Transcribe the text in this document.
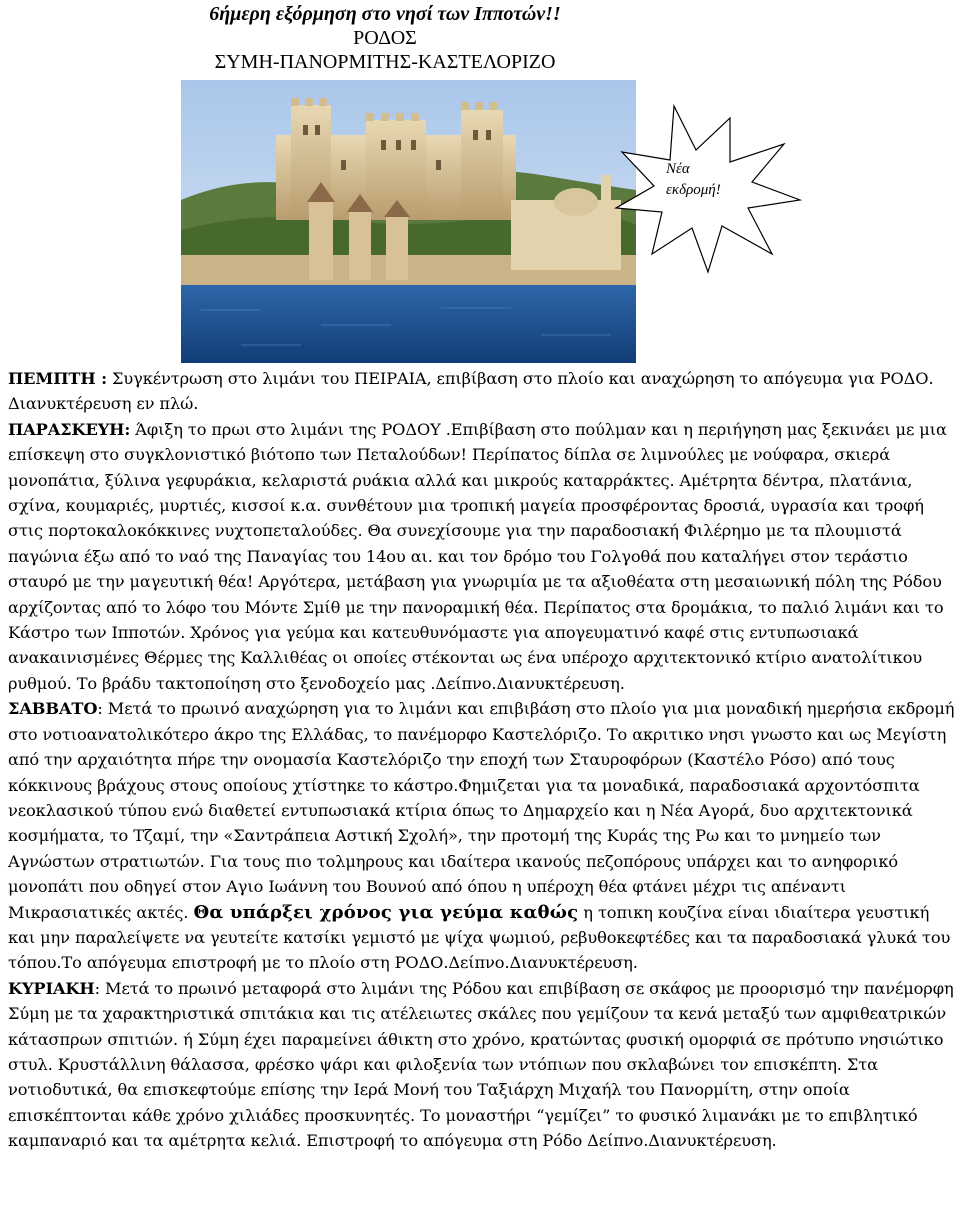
6ήμερη εξόρμηση στο νησί των Ιπποτών!!
ΡΟΔΟΣ
ΣΥΜΗ-ΠΑΝΟΡΜΙΤΗΣ-ΚΑΣΤΕΛΟΡΙΖΟ
Νέα
εκδρομή!

ΠΕΜΠΤΗ : Συγκέντρωση στο λιμάνι του ΠΕΙΡΑΙΑ, επιβίβαση στο πλοίο και αναχώρηση το απόγευμα για ΡΟΔΟ. Διανυκτέρευση εν πλώ.

ΠΑΡΑΣΚΕΥΗ: Άφιξη το πρωι στο λιμάνι της ΡΟΔΟΥ .Επιβίβαση στο πούλμαν και η περιήγηση μας ξεκινάει με μια επίσκεψη στο συγκλονιστικό βιότοπο των Πεταλούδων! Περίπατος δίπλα σε λιμνούλες με νούφαρα, σκιερά μονοπάτια, ξύλινα γεφυράκια, κελαριστά ρυάκια αλλά και μικρούς καταρράκτες. Αμέτρητα δέντρα, πλατάνια, σχίνα, κουμαριές, μυρτιές, κισσοί κ.α. συνθέτουν μια τροπική μαγεία προσφέροντας δροσιά, υγρασία και τροφή στις πορτοκαλοκόκκινες νυχτοπεταλούδες. Θα συνεχίσουμε για την παραδοσιακή Φιλέρημο με τα πλουμιστά παγώνια έξω από το ναό της Παναγίας του 14ου αι. και τον δρόμο του Γολγοθά που καταλήγει στον τεράστιο σταυρό με την μαγευτική θέα! Αργότερα, μετάβαση για γνωριμία με τα αξιοθέατα στη μεσαιωνική πόλη της Ρόδου αρχίζοντας από το λόφο του Μόντε Σμίθ με την πανοραμική θέα. Περίπατος στα δρομάκια, το παλιό λιμάνι και το Κάστρο των Ιπποτών. Χρόνος για γεύμα και κατευθυνόμαστε για απογευματινό καφέ στις εντυπωσιακά ανακαινισμένες Θέρμες της Καλλιθέας οι οποίες στέκονται ως ένα υπέροχο αρχιτεκτονικό κτίριο ανατολίτικου ρυθμού. Το βράδυ τακτοποίηση στο ξενοδοχείο μας .Δείπνο.Διανυκτέρευση.

ΣΑΒΒΑΤΟ: Μετά το πρωινό αναχώρηση για το λιμάνι και επιβιβάση στο πλοίο για μια μοναδική ημερήσια εκδρομή στο νοτιοανατολικότερο άκρο της Ελλάδας, το πανέμορφο Καστελόριζο. Το ακριτικο νησι γνωστο και ως Μεγίστη από την αρχαιότητα πήρε την ονομασία Καστελόριζο την εποχή των Σταυροφόρων (Καστέλο Ρόσο) από τους κόκκινους βράχους στους οποίους χτίστηκε το κάστρο.Φημιζεται για τα μοναδικά, παραδοσιακά αρχοντόσπιτα νεοκλασικού τύπου ενώ διαθετεί εντυπωσιακά κτίρια όπως το Δημαρχείο και η Νέα Αγορά, δυο αρχιτεκτονικά κοσμήματα, το Τζαμί, την «Σαντράπεια Αστική Σχολή», την προτομή της Κυράς της Ρω και το μνημείο των Αγνώστων στρατιωτών. Για τους πιο τολμηρους και ιδαίτερα ικανούς πεζοπόρους υπάρχει και το ανηφορικό μονοπάτι που οδηγεί στον Αγιο Ιωάννη του Βουνού από όπου η υπέροχη θέα φτάνει μέχρι τις απέναντι Μικρασιατικές ακτές. Θα υπάρξει χρόνος για γεύμα καθώς η τοπικη κουζίνα είναι ιδιαίτερα γευστική και μην παραλείψετε να γευτείτε κατσίκι γεμιστό με ψίχα ψωμιού, ρεβυθοκεφτέδες και τα παραδοσιακά γλυκά του τόπου.Το απόγευμα επιστροφή με το πλοίο στη ΡΟΔΟ.Δείπνο.Διανυκτέρευση.

ΚΥΡΙΑΚΗ: Μετά το πρωινό μεταφορά στο λιμάνι της Ρόδου και επιβίβαση σε σκάφος με προορισμό την πανέμορφη Σύμη με τα χαρακτηριστικά σπιτάκια και τις ατέλειωτες σκάλες που γεμίζουν τα κενά μεταξύ των αμφιθεατρικών κάτασπρων σπιτιών. ή Σύμη έχει παραμείνει άθικτη στο χρόνο, κρατώντας φυσική ομορφιά σε πρότυπο νησιώτικο στυλ. Κρυστάλλινη θάλασσα, φρέσκο ψάρι και φιλοξενία των ντόπιων που σκλαβώνει τον επισκέπτη. Στα νοτιοδυτικά, θα επισκεφτούμε επίσης την Ιερά Μονή του Ταξιάρχη Μιχαήλ του Πανορμίτη, στην οποία επισκέπτονται κάθε χρόνο χιλιάδες προσκυνητές. Το μοναστήρι “γεμίζει” το φυσικό λιμανάκι με το επιβλητικό καμπαναριό και τα αμέτρητα κελιά. Επιστροφή το απόγευμα στη Ρόδο Δείπνο.Διανυκτέρευση.
